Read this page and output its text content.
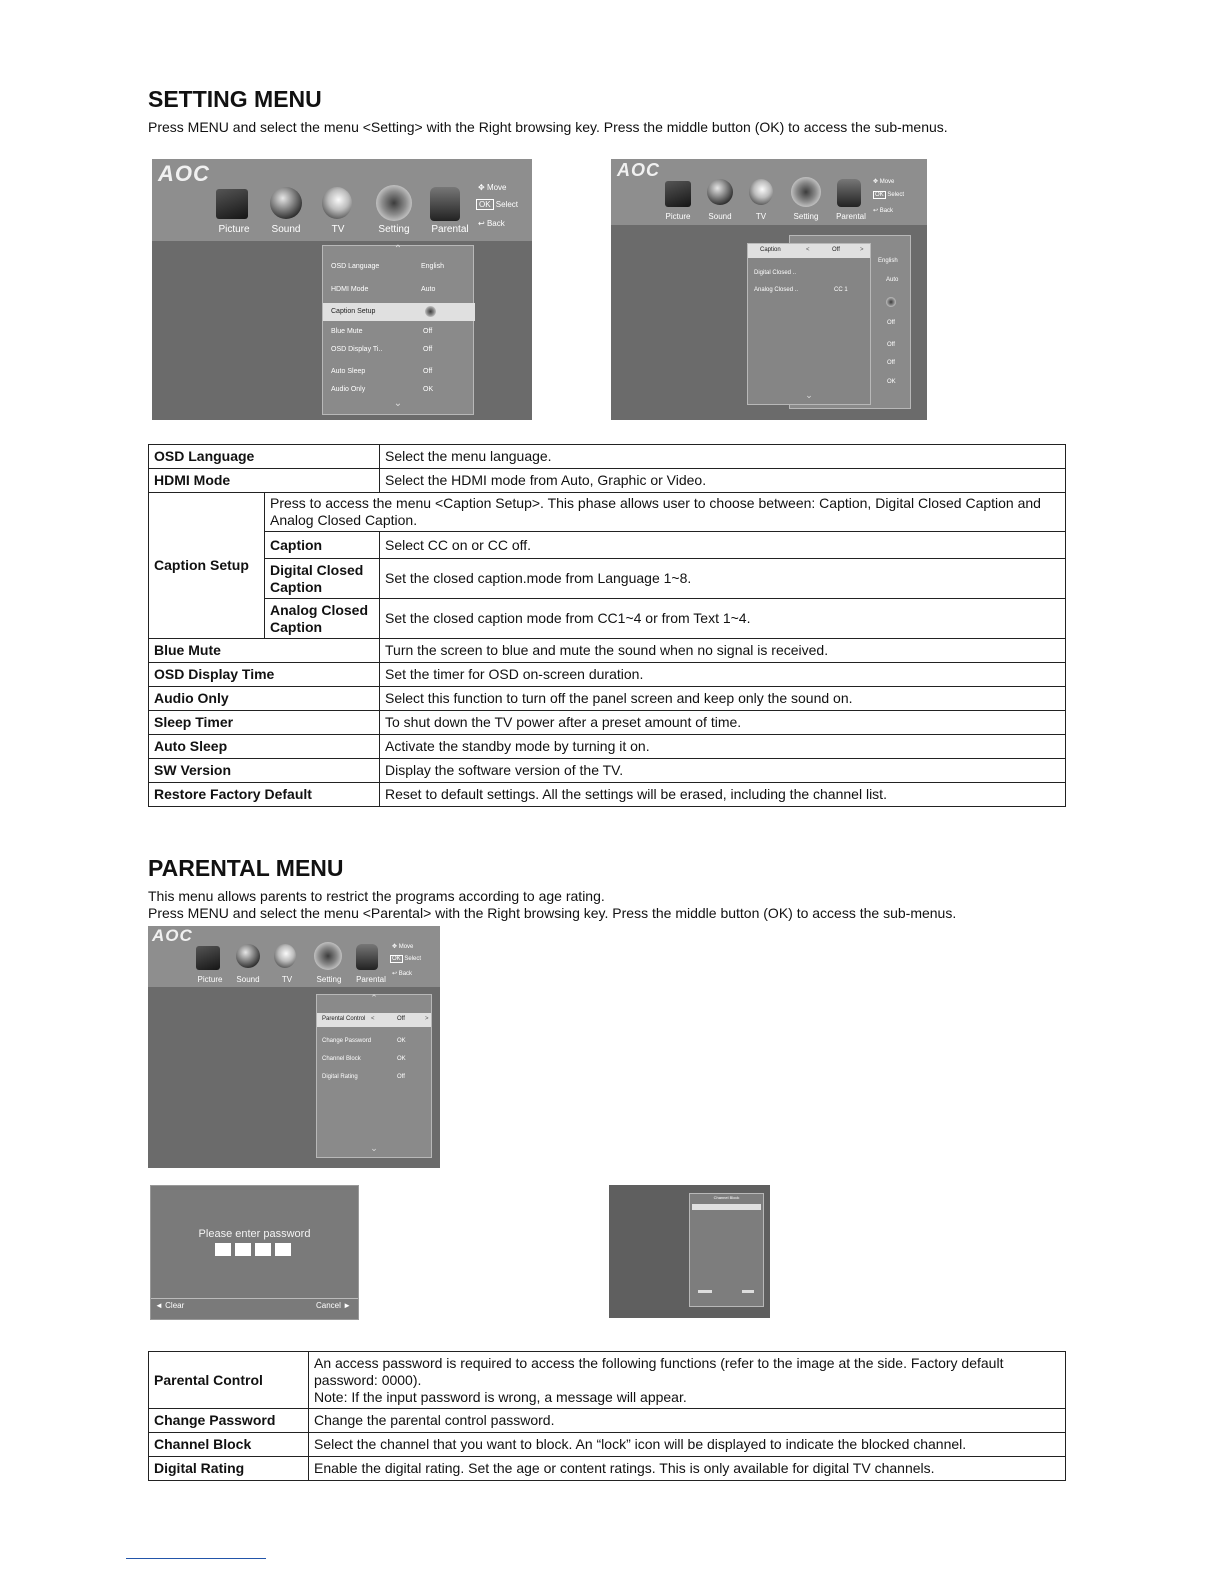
SETTING MENU
Press MENU and select the menu <Setting> with the Right browsing key. Press the middle button (OK) to access the sub-menus.
AOC
Picture	Sound	TV	Setting	Parental
✥ Move
OK Select
↩ Back
⌃
OSD Language	English
HDMI Mode	Auto
Caption Setup
Blue Mute	Off
OSD Display Ti..	Off
Auto Sleep	Off
Audio Only	OK
⌄
AOC
Picture	Sound	TV	Setting	Parental
✥ Move
OK Select
↩ Back
English
Auto
Off
Off
Off
OK
Caption	<	Off	>
Digital Closed ..
Analog Closed ..	CC 1
⌄
OSD Language		Select the menu language.
HDMI Mode		Select the HDMI mode from Auto, Graphic or Video.
Caption Setup	Press to access the menu <Caption Setup>. This phase allows user to choose between: Caption, Digital Closed Caption and Analog Closed Caption.	
	Caption	Select CC on or CC off.
	Digital Closed Caption	Set the closed caption.mode from Language 1~8.
	Analog Closed Caption	Set the closed caption mode from CC1~4 or from Text 1~4.
Blue Mute		Turn the screen to blue and mute the sound when no signal is received.
OSD Display Time		Set the timer for OSD on-screen duration.
Audio Only		Select this function to turn off the panel screen and keep only the sound on.
Sleep Timer		To shut down the TV power after a preset amount of time.
Auto Sleep		Activate the standby mode by turning it on.
SW Version		Display the software version of the TV.
Restore Factory Default		Reset to default settings. All the settings will be erased, including the channel list.
PARENTAL MENU
This menu allows parents to restrict the programs according to age rating.
Press MENU and select the menu <Parental> with the Right browsing key. Press the middle button (OK) to access the sub-menus.
AOC
Picture	Sound	TV	Setting	Parental
✥ Move
OK Select
↩ Back
⌃
Parental Control <	Off	>
Change Password	OK
Channel Block	OK
Digital Rating	Off
⌄
Please enter password
◄ Clear	Cancel ►
Channel Block
Parental Control	An access password is required to access the following functions (refer to the image at the side. Factory default password: 0000).
Note: If the input password is wrong, a message will appear.
Change Password	Change the parental control password.
Channel Block	Select the channel that you want to block. An “lock” icon will be displayed to indicate the blocked channel.
Digital Rating	Enable the digital rating. Set the age or content ratings. This is only available for digital TV channels.
